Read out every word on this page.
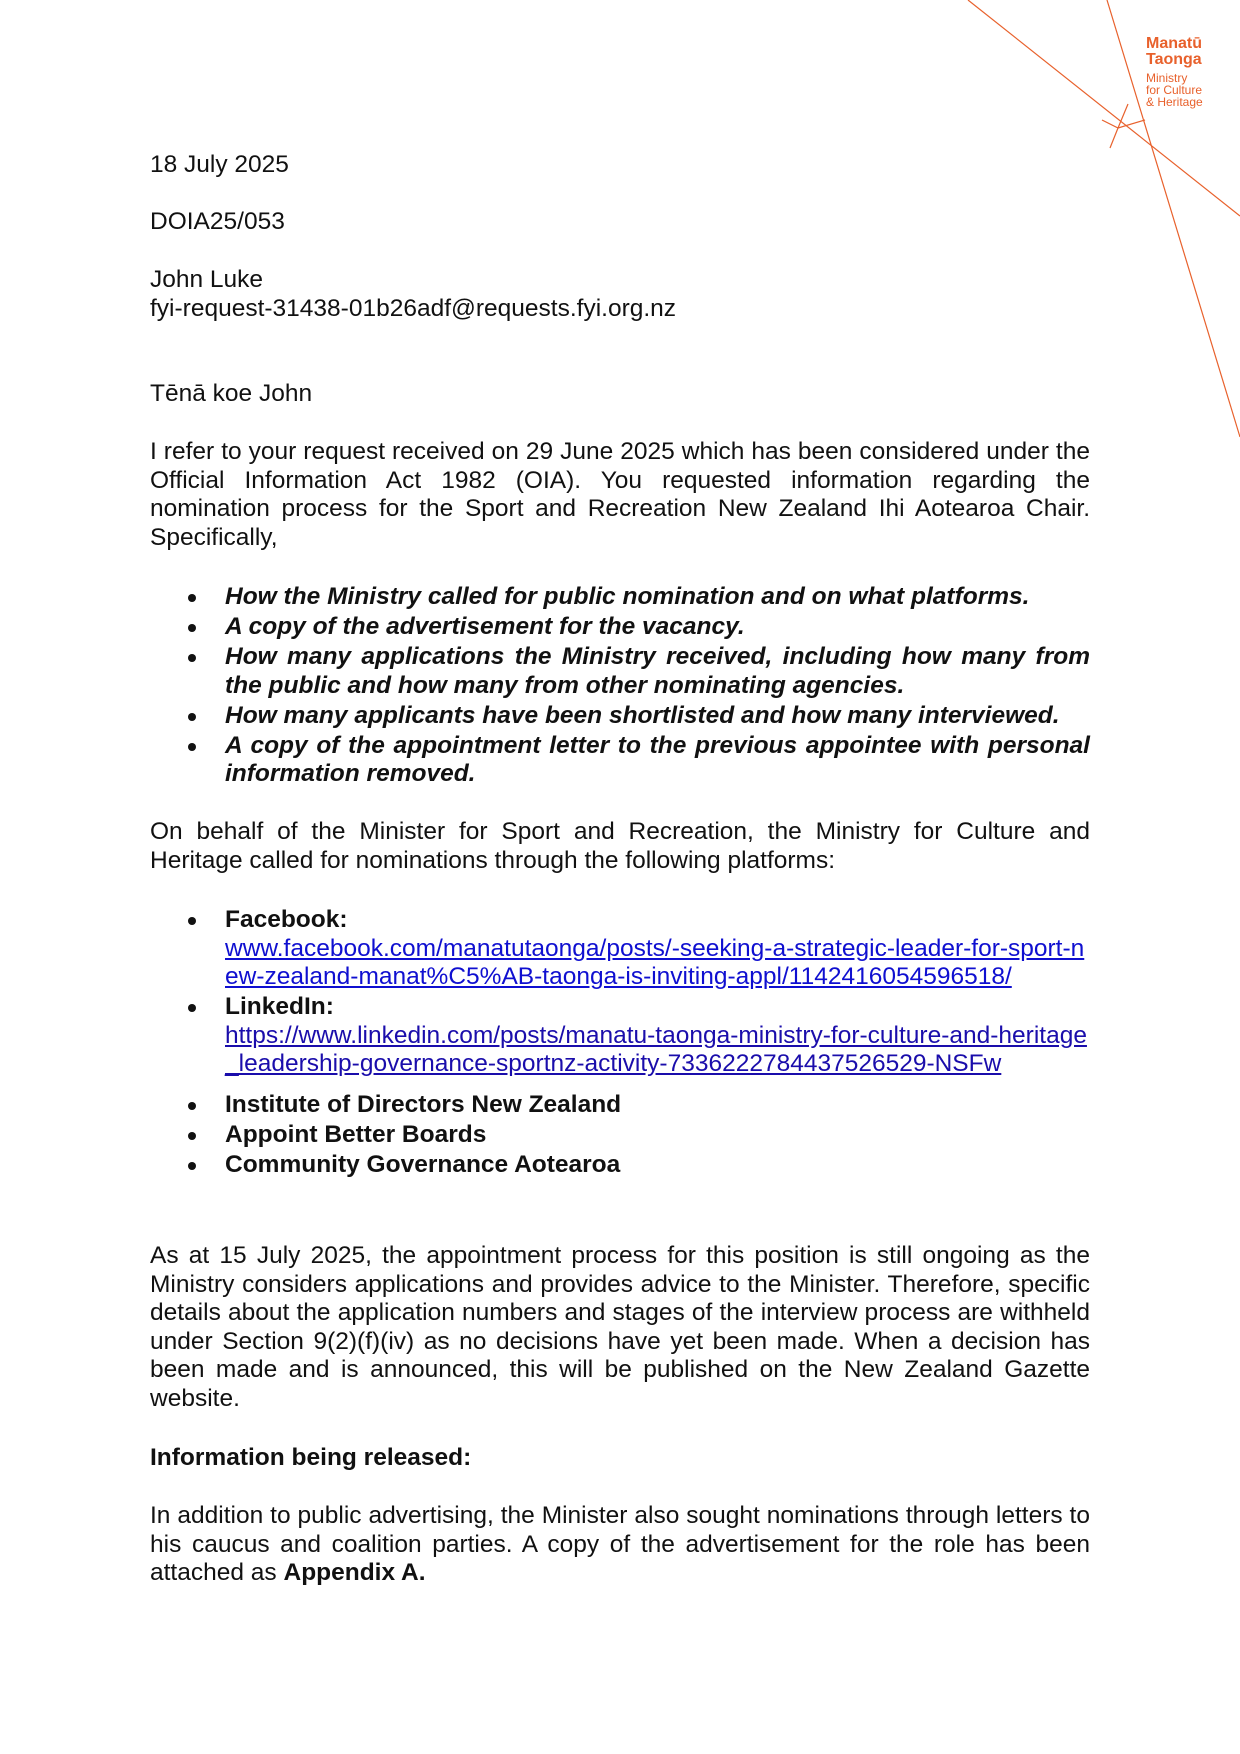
Manatū
Taonga
Ministry
for Culture
& Heritage
18 July 2025
DOIA25/053
John Luke
fyi-request-31438-01b26adf@requests.fyi.org.nz
Tēnā koe John
I refer to your request received on 29 June 2025 which has been considered under the Official Information Act 1982 (OIA). You requested information regarding the nomination process for the Sport and Recreation New Zealand Ihi Aotearoa Chair. Specifically,
How the Ministry called for public nomination and on what platforms.
A copy of the advertisement for the vacancy.
How many applications the Ministry received, including how many from the public and how many from other nominating agencies.
How many applicants have been shortlisted and how many interviewed.
A copy of the appointment letter to the previous appointee with personal information removed.
On behalf of the Minister for Sport and Recreation, the Ministry for Culture and Heritage called for nominations through the following platforms:
Facebook:
www.facebook.com/manatutaonga/posts/-seeking-a-strategic-leader-for-sport-new-zealand-manat%C5%AB-taonga-is-inviting-appl/1142416054596518/
LinkedIn:
https://www.linkedin.com/posts/manatu-taonga-ministry-for-culture-and-heritage_leadership-governance-sportnz-activity-7336222784437526529-NSFw
Institute of Directors New Zealand
Appoint Better Boards
Community Governance Aotearoa
As at 15 July 2025, the appointment process for this position is still ongoing as the Ministry considers applications and provides advice to the Minister. Therefore, specific details about the application numbers and stages of the interview process are withheld under Section 9(2)(f)(iv) as no decisions have yet been made. When a decision has been made and is announced, this will be published on the New Zealand Gazette website.
Information being released:
In addition to public advertising, the Minister also sought nominations through letters to his caucus and coalition parties. A copy of the advertisement for the role has been attached as Appendix A.
